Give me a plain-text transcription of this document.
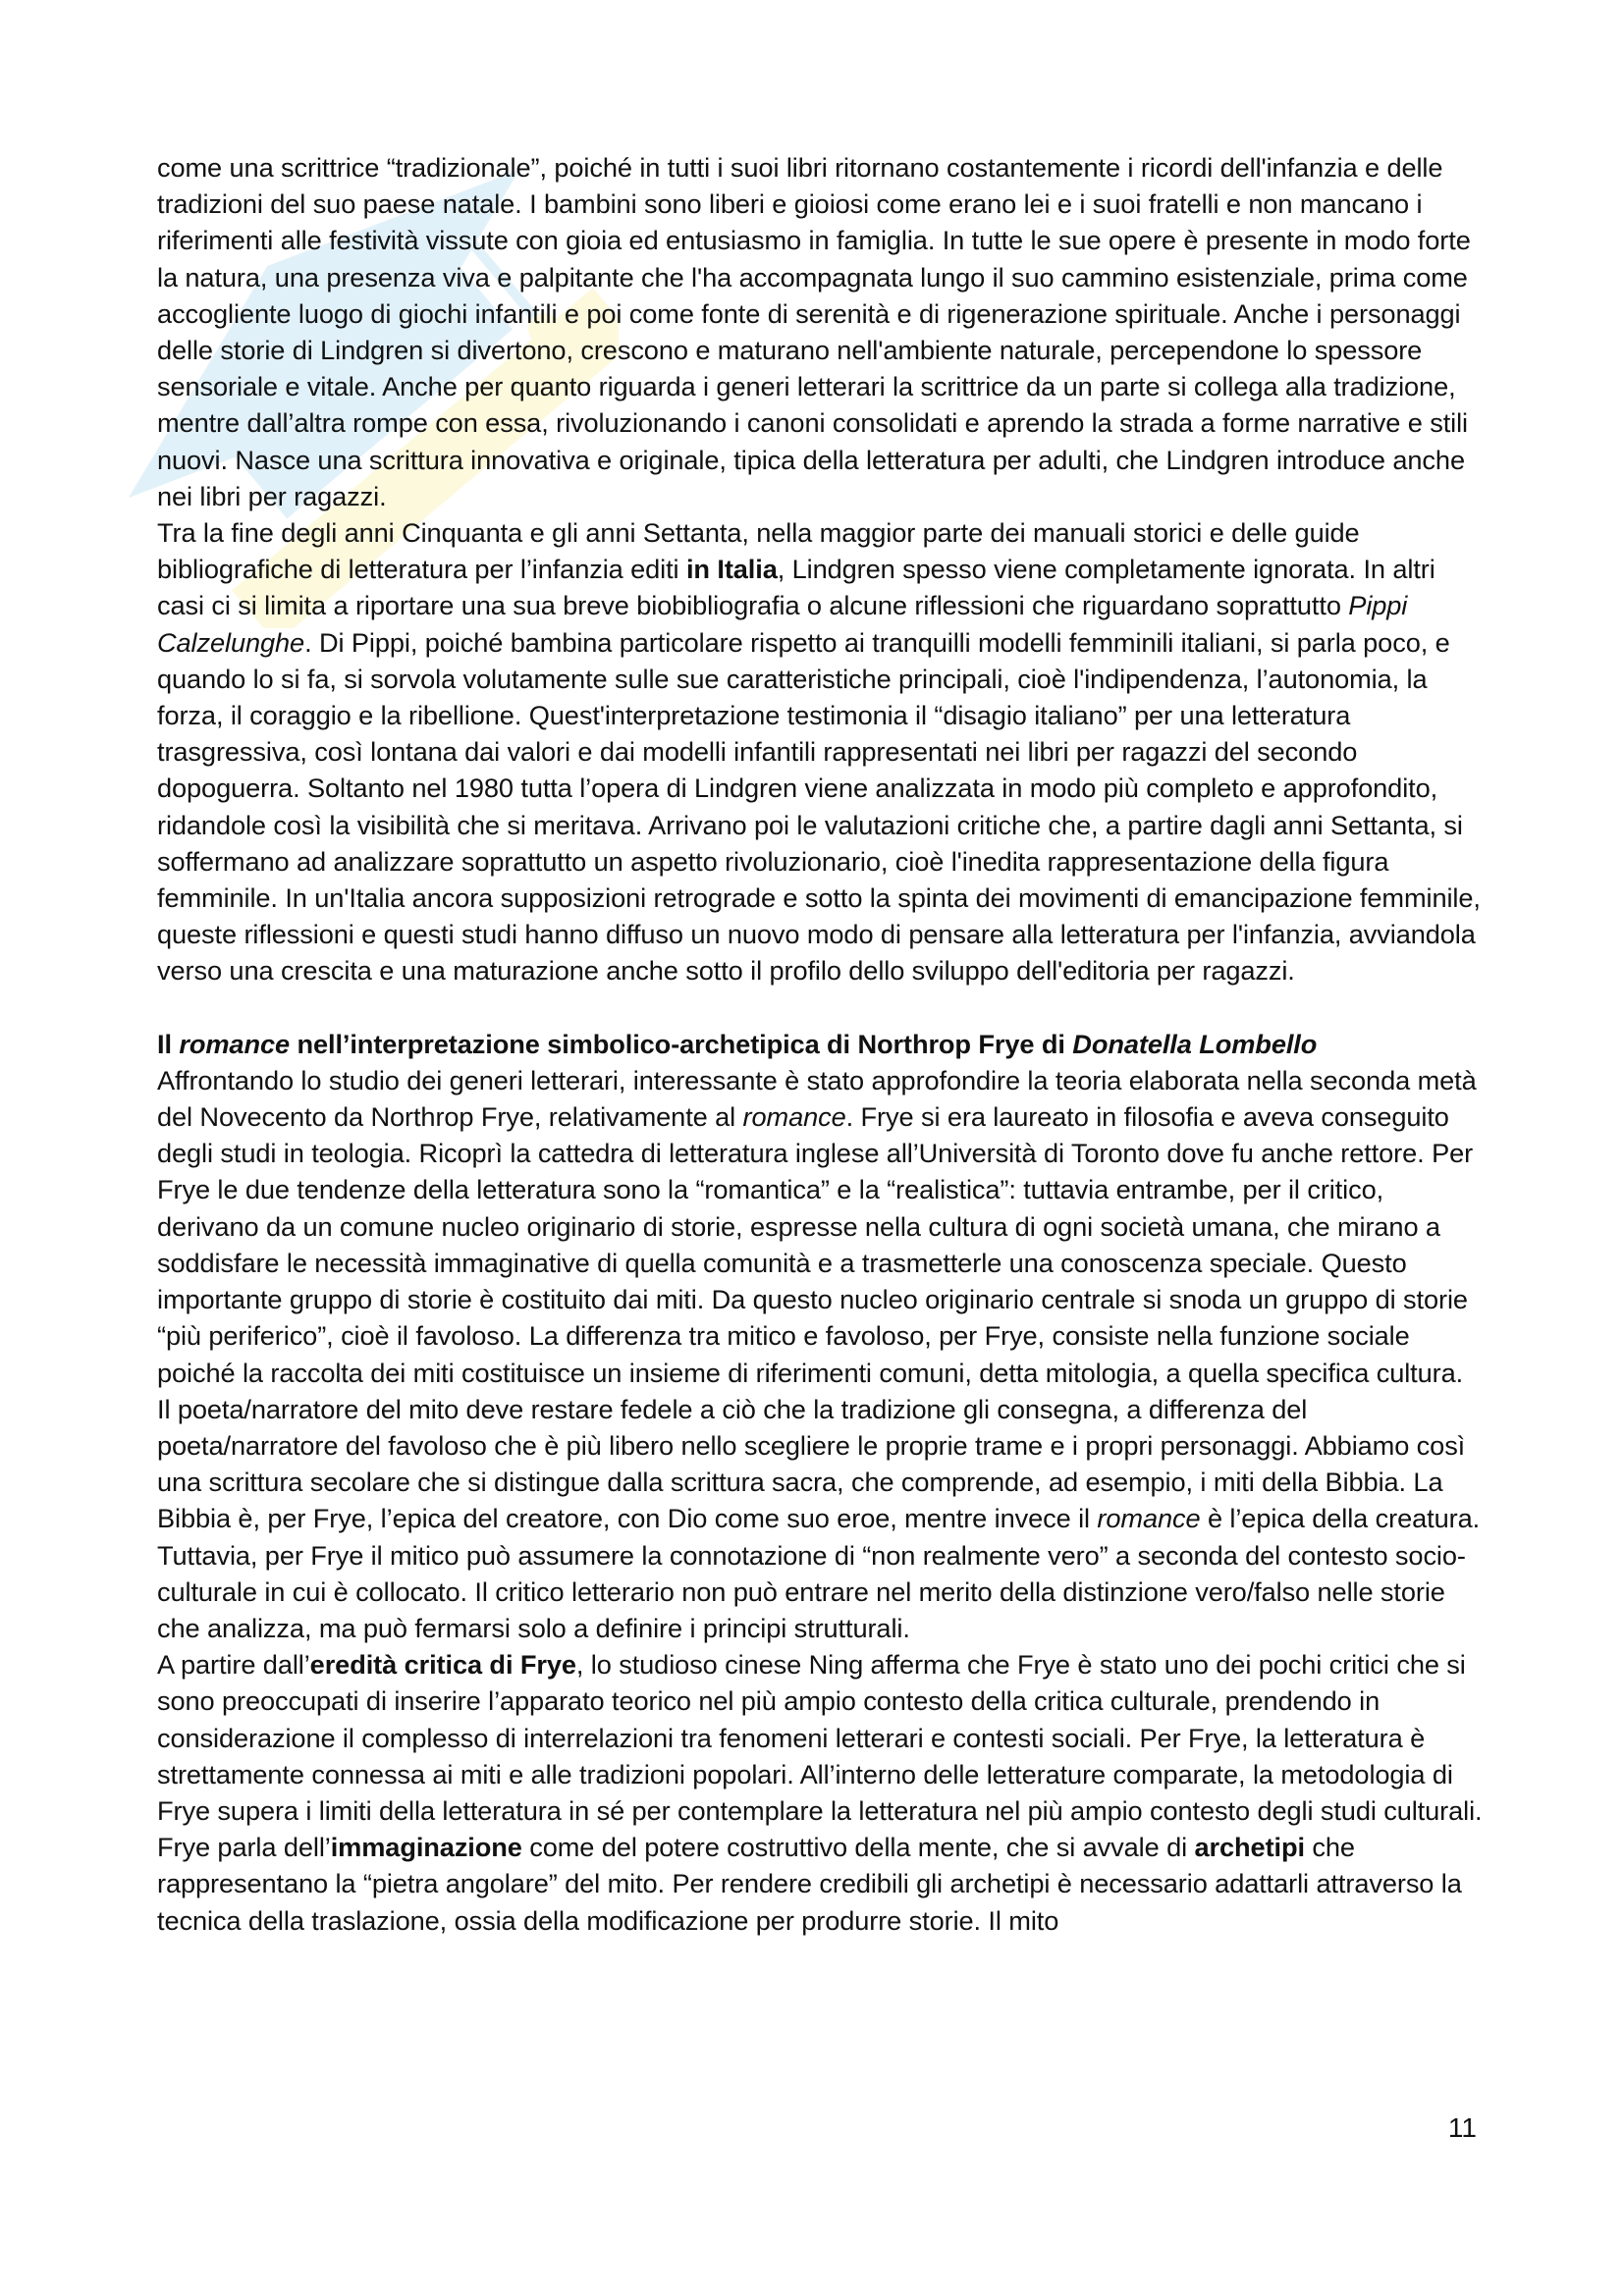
come una scrittrice “tradizionale”, poiché in tutti i suoi libri ritornano costantemente i ricordi dell'infanzia e delle tradizioni del suo paese natale. I bambini sono liberi e gioiosi come erano lei e i suoi fratelli e non mancano i riferimenti alle festività vissute con gioia ed entusiasmo in famiglia. In tutte le sue opere è presente in modo forte la natura, una presenza viva e palpitante che l'ha accompagnata lungo il suo cammino esistenziale, prima come accogliente luogo di giochi infantili e poi come fonte di serenità e di rigenerazione spirituale. Anche i personaggi delle storie di Lindgren si divertono, crescono e maturano nell'ambiente naturale, percependone lo spessore sensoriale e vitale. Anche per quanto riguarda i generi letterari la scrittrice da un parte si collega alla tradizione, mentre dall’altra rompe con essa, rivoluzionando i canoni consolidati e aprendo la strada a forme narrative e stili nuovi. Nasce una scrittura innovativa e originale, tipica della letteratura per adulti, che Lindgren introduce anche nei libri per ragazzi.

Tra la fine degli anni Cinquanta e gli anni Settanta, nella maggior parte dei manuali storici e delle guide bibliografiche di letteratura per l’infanzia editi in Italia, Lindgren spesso viene completamente ignorata. In altri casi ci si limita a riportare una sua breve biobibliografia o alcune riflessioni che riguardano soprattutto Pippi Calzelunghe. Di Pippi, poiché bambina particolare rispetto ai tranquilli modelli femminili italiani, si parla poco, e quando lo si fa, si sorvola volutamente sulle sue caratteristiche principali, cioè l'indipendenza, l’autonomia, la forza, il coraggio e la ribellione. Quest'interpretazione testimonia il “disagio italiano” per una letteratura trasgressiva, così lontana dai valori e dai modelli infantili rappresentati nei libri per ragazzi del secondo dopoguerra. Soltanto nel 1980 tutta l’opera di Lindgren viene analizzata in modo più completo e approfondito, ridandole così la visibilità che si meritava. Arrivano poi le valutazioni critiche che, a partire dagli anni Settanta, si soffermano ad analizzare soprattutto un aspetto rivoluzionario, cioè l'inedita rappresentazione della figura femminile. In un'Italia ancora supposizioni retrograde e sotto la spinta dei movimenti di emancipazione femminile, queste riflessioni e questi studi hanno diffuso un nuovo modo di pensare alla letteratura per l'infanzia, avviandola verso una crescita e una maturazione anche sotto il profilo dello sviluppo dell'editoria per ragazzi.

Il romance nell’interpretazione simbolico-archetipica di Northrop Frye di Donatella Lombello

Affrontando lo studio dei generi letterari, interessante è stato approfondire la teoria elaborata nella seconda metà del Novecento da Northrop Frye, relativamente al romance. Frye si era laureato in filosofia e aveva conseguito degli studi in teologia. Ricoprì la cattedra di letteratura inglese all’Università di Toronto dove fu anche rettore. Per Frye le due tendenze della letteratura sono la “romantica” e la “realistica”: tuttavia entrambe, per il critico, derivano da un comune nucleo originario di storie, espresse nella cultura di ogni società umana, che mirano a soddisfare le necessità immaginative di quella comunità e a trasmetterle una conoscenza speciale. Questo importante gruppo di storie è costituito dai miti. Da questo nucleo originario centrale si snoda un gruppo di storie “più periferico”, cioè il favoloso. La differenza tra mitico e favoloso, per Frye, consiste nella funzione sociale poiché la raccolta dei miti costituisce un insieme di riferimenti comuni, detta mitologia, a quella specifica cultura. Il poeta/narratore del mito deve restare fedele a ciò che la tradizione gli consegna, a differenza del poeta/narratore del favoloso che è più libero nello scegliere le proprie trame e i propri personaggi. Abbiamo così una scrittura secolare che si distingue dalla scrittura sacra, che comprende, ad esempio, i miti della Bibbia. La Bibbia è, per Frye, l’epica del creatore, con Dio come suo eroe, mentre invece il romance è l’epica della creatura. Tuttavia, per Frye il mitico può assumere la connotazione di “non realmente vero” a seconda del contesto socio-culturale in cui è collocato. Il critico letterario non può entrare nel merito della distinzione vero/falso nelle storie che analizza, ma può fermarsi solo a definire i principi strutturali.

A partire dall’eredità critica di Frye, lo studioso cinese Ning afferma che Frye è stato uno dei pochi critici che si sono preoccupati di inserire l’apparato teorico nel più ampio contesto della critica culturale, prendendo in considerazione il complesso di interrelazioni tra fenomeni letterari e contesti sociali. Per Frye, la letteratura è strettamente connessa ai miti e alle tradizioni popolari. All’interno delle letterature comparate, la metodologia di Frye supera i limiti della letteratura in sé per contemplare la letteratura nel più ampio contesto degli studi culturali.

Frye parla dell’immaginazione come del potere costruttivo della mente, che si avvale di archetipi che rappresentano la “pietra angolare” del mito. Per rendere credibili gli archetipi è necessario adattarli attraverso la tecnica della traslazione, ossia della modificazione per produrre storie. Il mito

11
